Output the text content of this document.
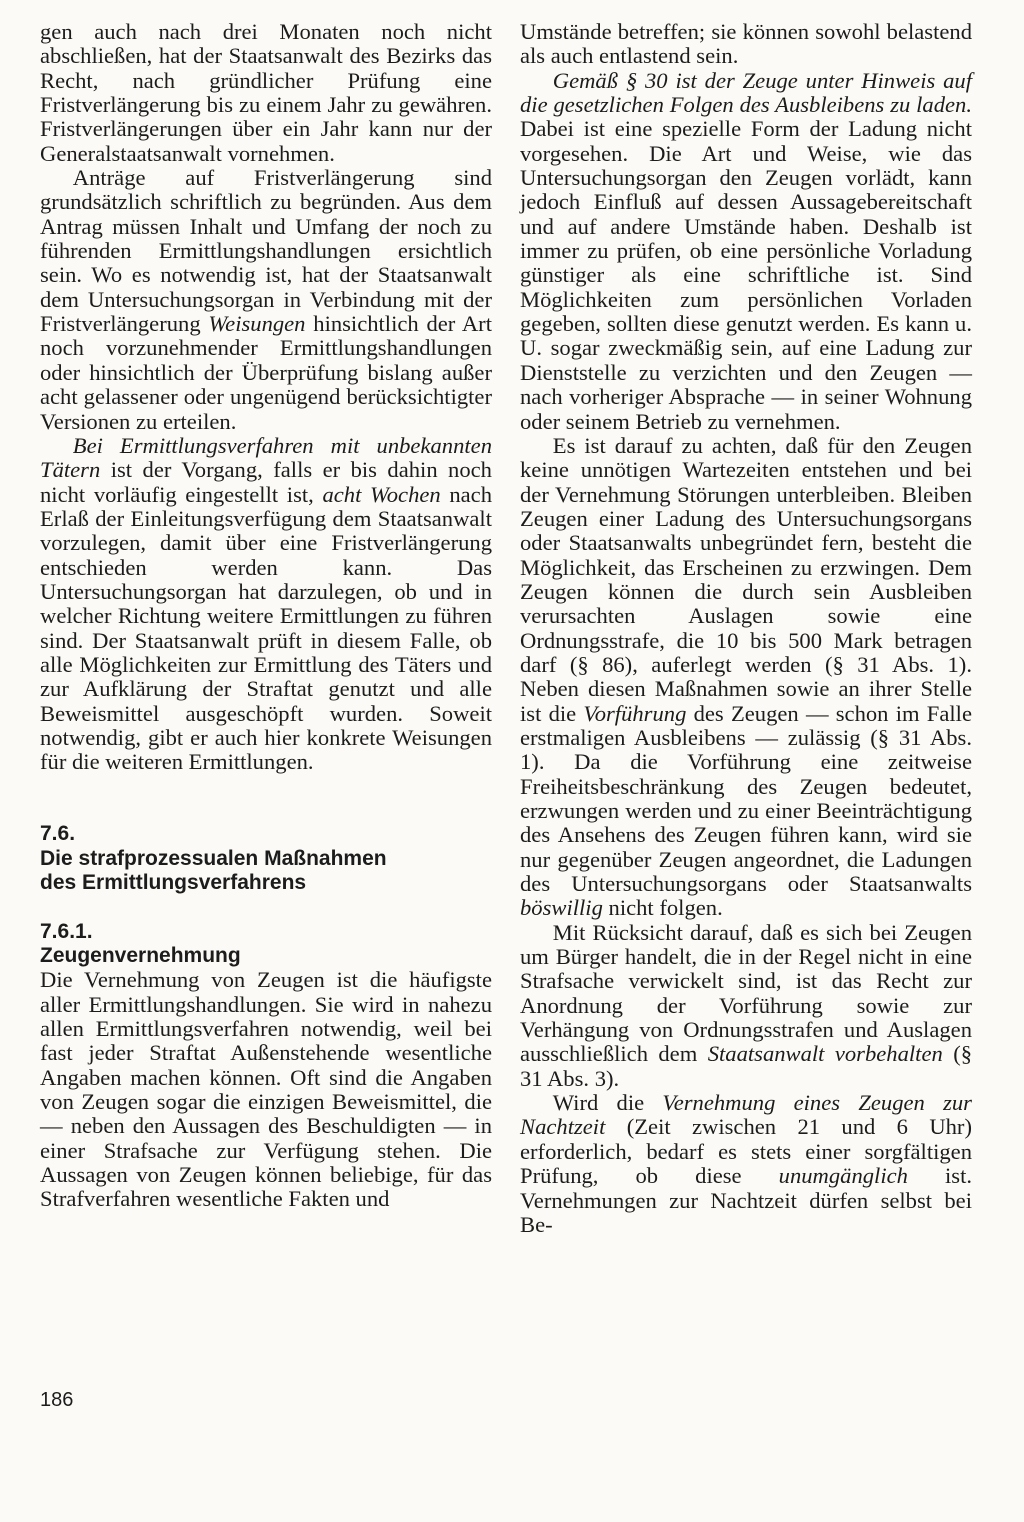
gen auch nach drei Monaten noch nicht abschließen, hat der Staatsanwalt des Bezirks das Recht, nach gründlicher Prüfung eine Fristverlängerung bis zu einem Jahr zu gewähren. Fristverlängerungen über ein Jahr kann nur der Generalstaatsanwalt vornehmen.

Anträge auf Fristverlängerung sind grundsätzlich schriftlich zu begründen. Aus dem Antrag müssen Inhalt und Umfang der noch zu führenden Ermittlungshandlungen ersichtlich sein. Wo es notwendig ist, hat der Staatsanwalt dem Untersuchungsorgan in Verbindung mit der Fristverlängerung Weisungen hinsichtlich der Art noch vorzunehmender Ermittlungshandlungen oder hinsichtlich der Überprüfung bislang außer acht gelassener oder ungenügend berücksichtigter Versionen zu erteilen.

Bei Ermittlungsverfahren mit unbekannten Tätern ist der Vorgang, falls er bis dahin noch nicht vorläufig eingestellt ist, acht Wochen nach Erlaß der Einleitungsverfügung dem Staatsanwalt vorzulegen, damit über eine Fristverlängerung entschieden werden kann. Das Untersuchungsorgan hat darzulegen, ob und in welcher Richtung weitere Ermittlungen zu führen sind. Der Staatsanwalt prüft in diesem Falle, ob alle Möglichkeiten zur Ermittlung des Täters und zur Aufklärung der Straftat genutzt und alle Beweismittel ausgeschöpft wurden. Soweit notwendig, gibt er auch hier konkrete Weisungen für die weiteren Ermittlungen.

7.6.
Die strafprozessualen Maßnahmen
des Ermittlungsverfahrens
7.6.1.
Zeugenvernehmung

Die Vernehmung von Zeugen ist die häufigste aller Ermittlungshandlungen. Sie wird in nahezu allen Ermittlungsverfahren notwendig, weil bei fast jeder Straftat Außenstehende wesentliche Angaben machen können. Oft sind die Angaben von Zeugen sogar die einzigen Beweismittel, die — neben den Aussagen des Beschuldigten — in einer Strafsache zur Verfügung stehen. Die Aussagen von Zeugen können beliebige, für das Strafverfahren wesentliche Fakten und

Umstände betreffen; sie können sowohl belastend als auch entlastend sein.

Gemäß § 30 ist der Zeuge unter Hinweis auf die gesetzlichen Folgen des Ausbleibens zu laden. Dabei ist eine spezielle Form der Ladung nicht vorgesehen. Die Art und Weise, wie das Untersuchungsorgan den Zeugen vorlädt, kann jedoch Einfluß auf dessen Aussagebereitschaft und auf andere Umstände haben. Deshalb ist immer zu prüfen, ob eine persönliche Vorladung günstiger als eine schriftliche ist. Sind Möglichkeiten zum persönlichen Vorladen gegeben, sollten diese genutzt werden. Es kann u. U. sogar zweckmäßig sein, auf eine Ladung zur Dienststelle zu verzichten und den Zeugen — nach vorheriger Absprache — in seiner Wohnung oder seinem Betrieb zu vernehmen.

Es ist darauf zu achten, daß für den Zeugen keine unnötigen Wartezeiten entstehen und bei der Vernehmung Störungen unterbleiben. Bleiben Zeugen einer Ladung des Untersuchungsorgans oder Staatsanwalts unbegründet fern, besteht die Möglichkeit, das Erscheinen zu erzwingen. Dem Zeugen können die durch sein Ausbleiben verursachten Auslagen sowie eine Ordnungsstrafe, die 10 bis 500 Mark betragen darf (§ 86), auferlegt werden (§ 31 Abs. 1). Neben diesen Maßnahmen sowie an ihrer Stelle ist die Vorführung des Zeugen — schon im Falle erstmaligen Ausbleibens — zulässig (§ 31 Abs. 1). Da die Vorführung eine zeitweise Freiheitsbeschränkung des Zeugen bedeutet, erzwungen werden und zu einer Beeinträchtigung des Ansehens des Zeugen führen kann, wird sie nur gegenüber Zeugen angeordnet, die Ladungen des Untersuchungsorgans oder Staatsanwalts böswillig nicht folgen.

Mit Rücksicht darauf, daß es sich bei Zeugen um Bürger handelt, die in der Regel nicht in eine Strafsache verwickelt sind, ist das Recht zur Anordnung der Vorführung sowie zur Verhängung von Ordnungsstrafen und Auslagen ausschließlich dem Staatsanwalt vorbehalten (§ 31 Abs. 3).

Wird die Vernehmung eines Zeugen zur Nachtzeit (Zeit zwischen 21 und 6 Uhr) erforderlich, bedarf es stets einer sorgfältigen Prüfung, ob diese unumgänglich ist. Vernehmungen zur Nachtzeit dürfen selbst bei Be-

186
